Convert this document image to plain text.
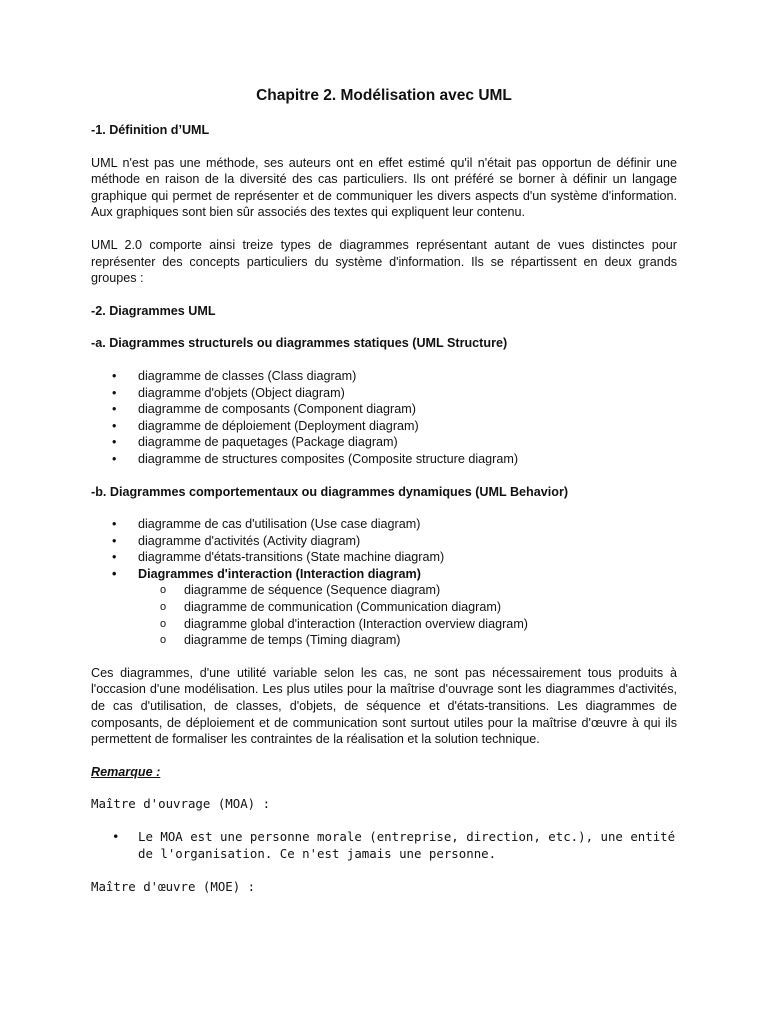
Chapitre 2. Modélisation avec UML
-1. Définition d’UML
UML n'est pas une méthode, ses auteurs ont en effet estimé qu'il n'était pas opportun de définir une méthode en raison de la diversité des cas particuliers. Ils ont préféré se borner à définir un langage graphique qui permet de représenter et de communiquer les divers aspects d'un système d'information. Aux graphiques sont bien sûr associés des textes qui expliquent leur contenu.
UML 2.0 comporte ainsi treize types de diagrammes représentant autant de vues distinctes pour représenter des concepts particuliers du système d'information. Ils se répartissent en deux grands groupes :
-2. Diagrammes UML
-a. Diagrammes structurels ou diagrammes statiques (UML Structure)
• diagramme de classes (Class diagram)
• diagramme d'objets (Object diagram)
• diagramme de composants (Component diagram)
• diagramme de déploiement (Deployment diagram)
• diagramme de paquetages (Package diagram)
• diagramme de structures composites (Composite structure diagram)
-b. Diagrammes comportementaux ou diagrammes dynamiques (UML Behavior)
• diagramme de cas d'utilisation (Use case diagram)
• diagramme d'activités (Activity diagram)
• diagramme d'états-transitions (State machine diagram)
• Diagrammes d'interaction (Interaction diagram)
o diagramme de séquence (Sequence diagram)
o diagramme de communication (Communication diagram)
o diagramme global d'interaction (Interaction overview diagram)
o diagramme de temps (Timing diagram)
Ces diagrammes, d'une utilité variable selon les cas, ne sont pas nécessairement tous produits à l'occasion d'une modélisation. Les plus utiles pour la maîtrise d'ouvrage sont les diagrammes d'activités, de cas d'utilisation, de classes, d'objets, de séquence et d'états-transitions. Les diagrammes de composants, de déploiement et de communication sont surtout utiles pour la maîtrise d'œuvre à qui ils permettent de formaliser les contraintes de la réalisation et la solution technique.
Remarque :
Maître d'ouvrage (MOA) :
• Le MOA est une personne morale (entreprise, direction, etc.), une entité de l'organisation. Ce n'est jamais une personne.
Maître d'œuvre (MOE) :
